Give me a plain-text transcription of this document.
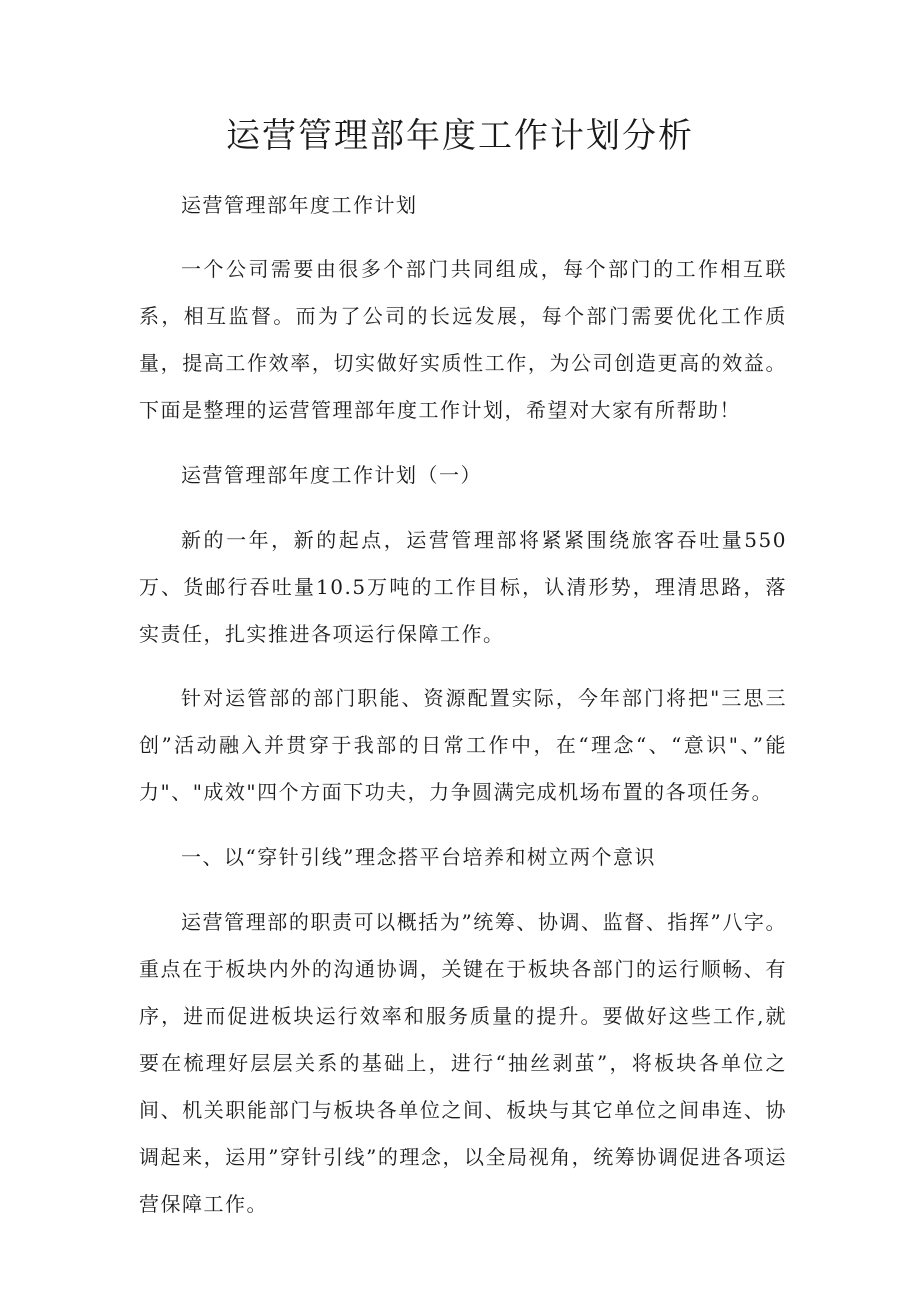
运营管理部年度工作计划分析

运营管理部年度工作计划

一个公司需要由很多个部门共同组成，每个部门的工作相互联系，相互监督。而为了公司的长远发展，每个部门需要优化工作质量，提高工作效率，切实做好实质性工作，为公司创造更高的效益。下面是整理的运营管理部年度工作计划，希望对大家有所帮助！

运营管理部年度工作计划（一）

新的一年，新的起点，运营管理部将紧紧围绕旅客吞吐量550万、货邮行吞吐量10.5万吨的工作目标，认清形势，理清思路，落实责任，扎实推进各项运行保障工作。

针对运管部的部门职能、资源配置实际，今年部门将把"三思三创”活动融入并贯穿于我部的日常工作中，在“理念“、“意识"、”能力"、"成效"四个方面下功夫，力争圆满完成机场布置的各项任务。

一、以“穿针引线”理念搭平台培养和树立两个意识

运营管理部的职责可以概括为”统筹、协调、监督、指挥”八字。重点在于板块内外的沟通协调，关键在于板块各部门的运行顺畅、有序，进而促进板块运行效率和服务质量的提升。要做好这些工作,就要在梳理好层层关系的基础上，进行“抽丝剥茧”，将板块各单位之间、机关职能部门与板块各单位之间、板块与其它单位之间串连、协调起来，运用”穿针引线”的理念，以全局视角，统筹协调促进各项运营保障工作。
